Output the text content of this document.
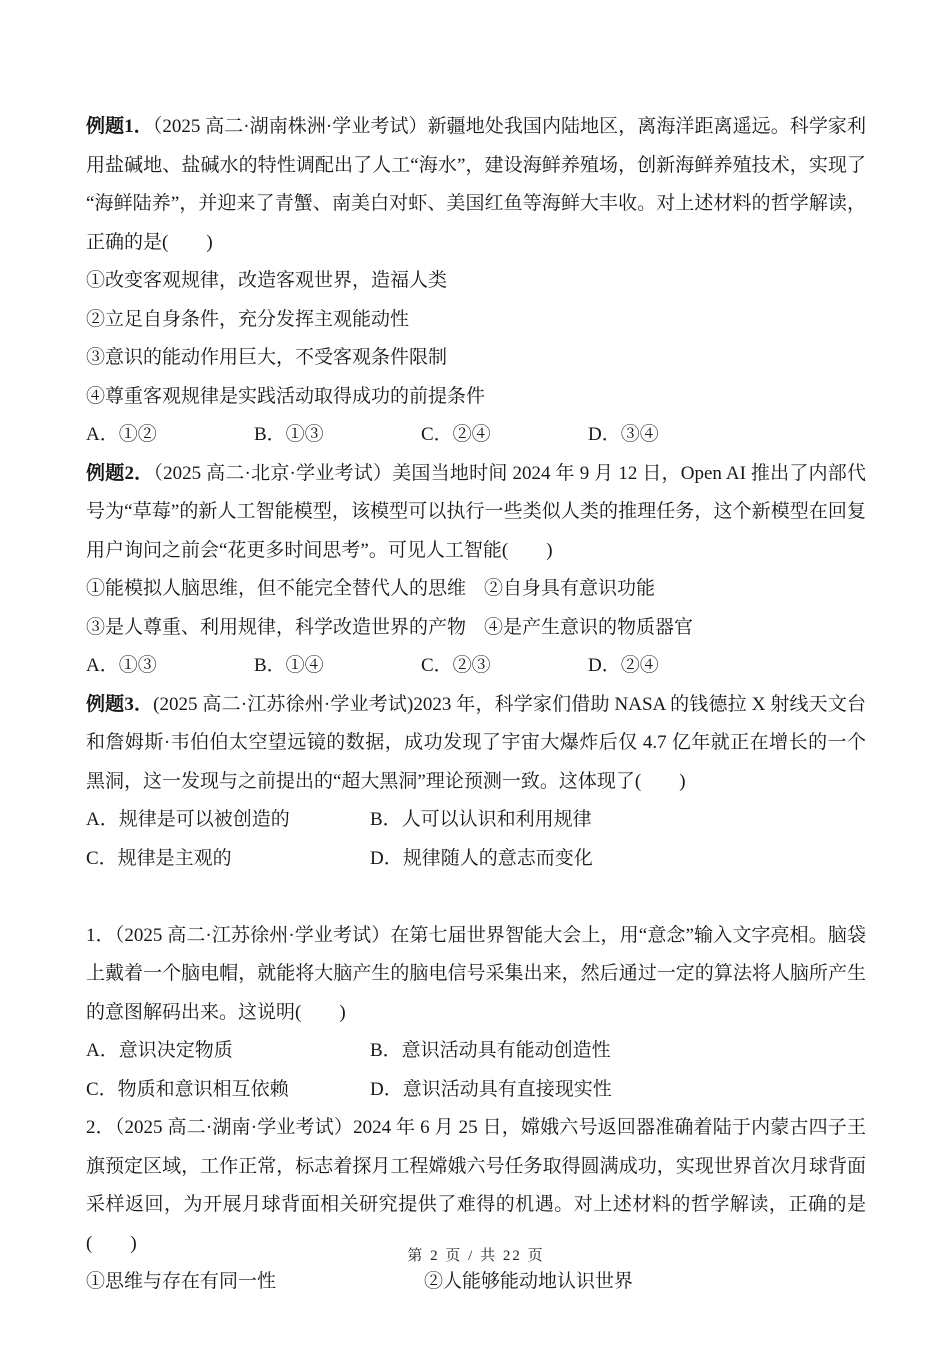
例题1．（2025 高二·湖南株洲·学业考试）新疆地处我国内陆地区，离海洋距离遥远。科学家利用盐碱地、盐碱水的特性调配出了人工“海水”，建设海鲜养殖场，创新海鲜养殖技术，实现了“海鲜陆养”，并迎来了青蟹、南美白对虾、美国红鱼等海鲜大丰收。对上述材料的哲学解读，正确的是(　　)

①改变客观规律，改造客观世界，造福人类
②立足自身条件，充分发挥主观能动性
③意识的能动作用巨大，不受客观条件限制
④尊重客观规律是实践活动取得成功的前提条件
A．①②	B．①③	C．②④	D．③④

例题2．（2025 高二·北京·学业考试）美国当地时间 2024 年 9 月 12 日，Open AI 推出了内部代号为“草莓”的新人工智能模型，该模型可以执行一些类似人类的推理任务，这个新模型在回复用户询问之前会“花更多时间思考”。可见人工智能(　　)

①能模拟人脑思维，但不能完全替代人的思维 ②自身具有意识功能
③是人尊重、利用规律，科学改造世界的产物 ④是产生意识的物质器官
A．①③	B．①④	C．②③	D．②④

例题3．(2025 高二·江苏徐州·学业考试)2023 年，科学家们借助 NASA 的钱德拉 X 射线天文台和詹姆斯·韦伯伯太空望远镜的数据，成功发现了宇宙大爆炸后仅 4.7 亿年就正在增长的一个黑洞，这一发现与之前提出的“超大黑洞”理论预测一致。这体现了(　　)

A．规律是可以被创造的	B．人可以认识和利用规律
C．规律是主观的	D．规律随人的意志而变化

1．（2025 高二·江苏徐州·学业考试）在第七届世界智能大会上，用“意念”输入文字亮相。脑袋上戴着一个脑电帽，就能将大脑产生的脑电信号采集出来，然后通过一定的算法将人脑所产生的意图解码出来。这说明(　　)

A．意识决定物质	B．意识活动具有能动创造性
C．物质和意识相互依赖	D．意识活动具有直接现实性

2．（2025 高二·湖南·学业考试）2024 年 6 月 25 日，嫦娥六号返回器准确着陆于内蒙古四子王旗预定区域，工作正常，标志着探月工程嫦娥六号任务取得圆满成功，实现世界首次月球背面采样返回，为开展月球背面相关研究提供了难得的机遇。对上述材料的哲学解读，正确的是(　　)

①思维与存在有同一性	②人能够能动地认识世界
第 2 页 / 共 22 页
